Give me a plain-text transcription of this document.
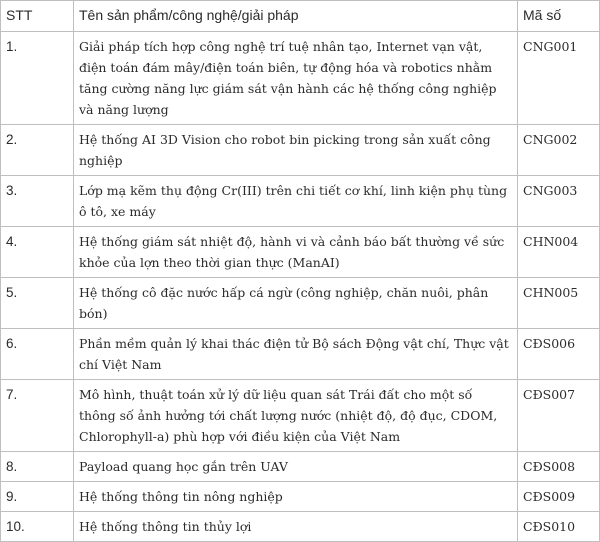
STT	Tên sản phẩm/công nghệ/giải pháp	Mã số
1.	Giải pháp tích hợp công nghệ trí tuệ nhân tạo, Internet vạn vật, điện toán đám mây/điện toán biên, tự động hóa và robotics nhằm tăng cường năng lực giám sát vận hành các hệ thống công nghiệp và năng lượng	CNG001
2.	Hệ thống AI 3D Vision cho robot bin picking trong sản xuất công nghiệp	CNG002
3.	Lớp mạ kẽm thụ động Cr(III) trên chi tiết cơ khí, linh kiện phụ tùng ô tô, xe máy	CNG003
4.	Hệ thống giám sát nhiệt độ, hành vi và cảnh báo bất thường về sức khỏe của lợn theo thời gian thực (ManAI)	CHN004
5.	Hệ thống cô đặc nước hấp cá ngừ (công nghiệp, chăn nuôi, phân bón)	CHN005
6.	Phần mềm quản lý khai thác điện tử Bộ sách Động vật chí, Thực vật chí Việt Nam	CĐS006
7.	Mô hình, thuật toán xử lý dữ liệu quan sát Trái đất cho một số thông số ảnh hưởng tới chất lượng nước (nhiệt độ, độ đục, CDOM, Chlorophyll-a) phù hợp với điều kiện của Việt Nam	CĐS007
8.	Payload quang học gắn trên UAV	CĐS008
9.	Hệ thống thông tin nông nghiệp	CĐS009
10.	Hệ thống thông tin thủy lợi	CĐS010
